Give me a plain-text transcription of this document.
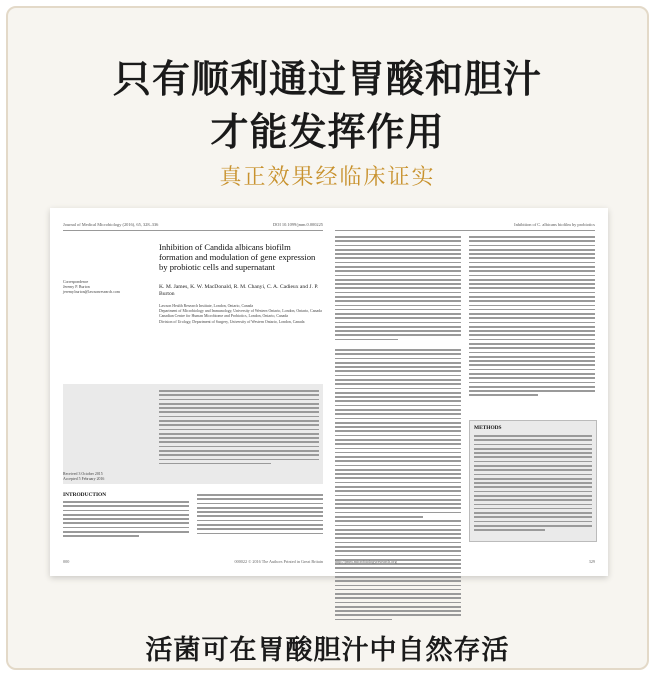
只有顺利通过胃酸和胆汁
才能发挥作用
真正效果经临床证实
Journal of Medical Microbiology (2016), 65, 328–336	DOI 10.1099/jmm.0.000225
Inhibition of Candida albicans biofilm formation and modulation of gene expression by probiotic cells and supernatant
K. M. James, K. W. MacDonald, R. M. Chanyi, C. A. Cadieux and J. P. Burton
Lawson Health Research Institute, London, Ontario, Canada
Department of Microbiology and Immunology, University of Western Ontario, London, Ontario, Canada
Canadian Centre for Human Microbiome and Probiotics, London, Ontario, Canada
Division of Urology, Department of Surgery, University of Western Ontario, London, Canada
Correspondence
Jeremy P. Burton
jeremy.burton@lawsonresearch.com
Received 3 October 2015
Accepted 5 February 2016
INTRODUCTION
000	000022 © 2016 The Authors Printed in Great Britain
Inhibition of C. albicans biofilm by probiotics
METHODS
http://jmm.microbiologyresearch.org	329
活菌可在胃酸胆汁中自然存活
